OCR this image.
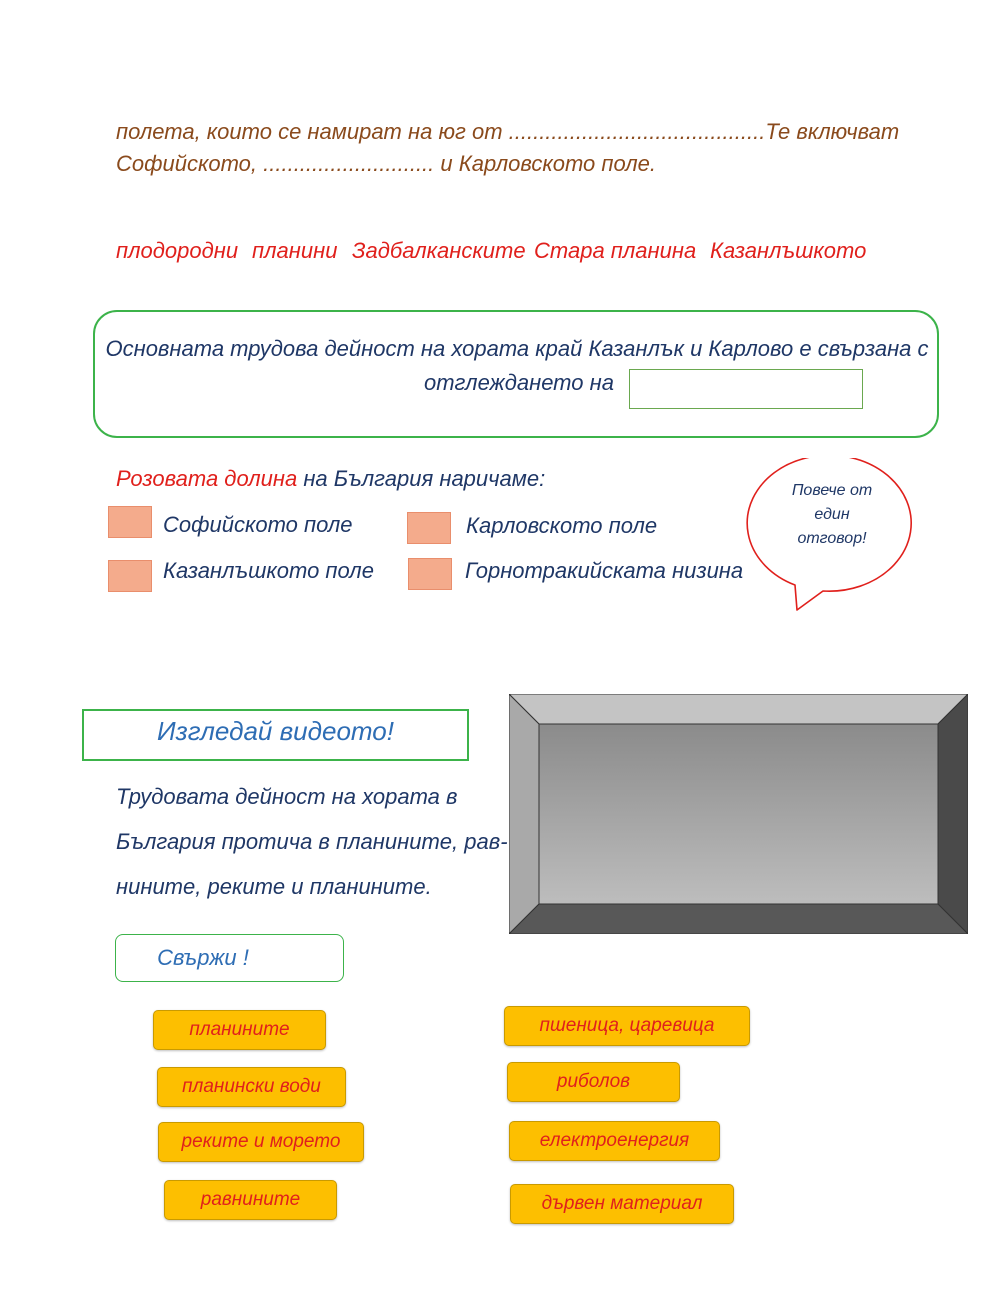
полета, които се намират на юг от ..........................................Те включват
Софийското, ............................ и Карловското поле.
плодородни планини Задбалканските Стара планина Казанлъшкото
Основната трудова дейност на хората край Казанлък и Карлово е свързана с
отглеждането на
Розовата долина на България наричаме:
Софийското поле	Карловското поле
Казанлъшкото поле	Горнотракийската низина
Повече от
един
отговор!
Изгледай видеото!
Трудовата дейност на хората в
България протича в планините, рав-
нините, реките и планините.
Свържи !
планините
планински води
реките и морето
равнините
пшеница, царевица
риболов
електроенергия
дървен материал
